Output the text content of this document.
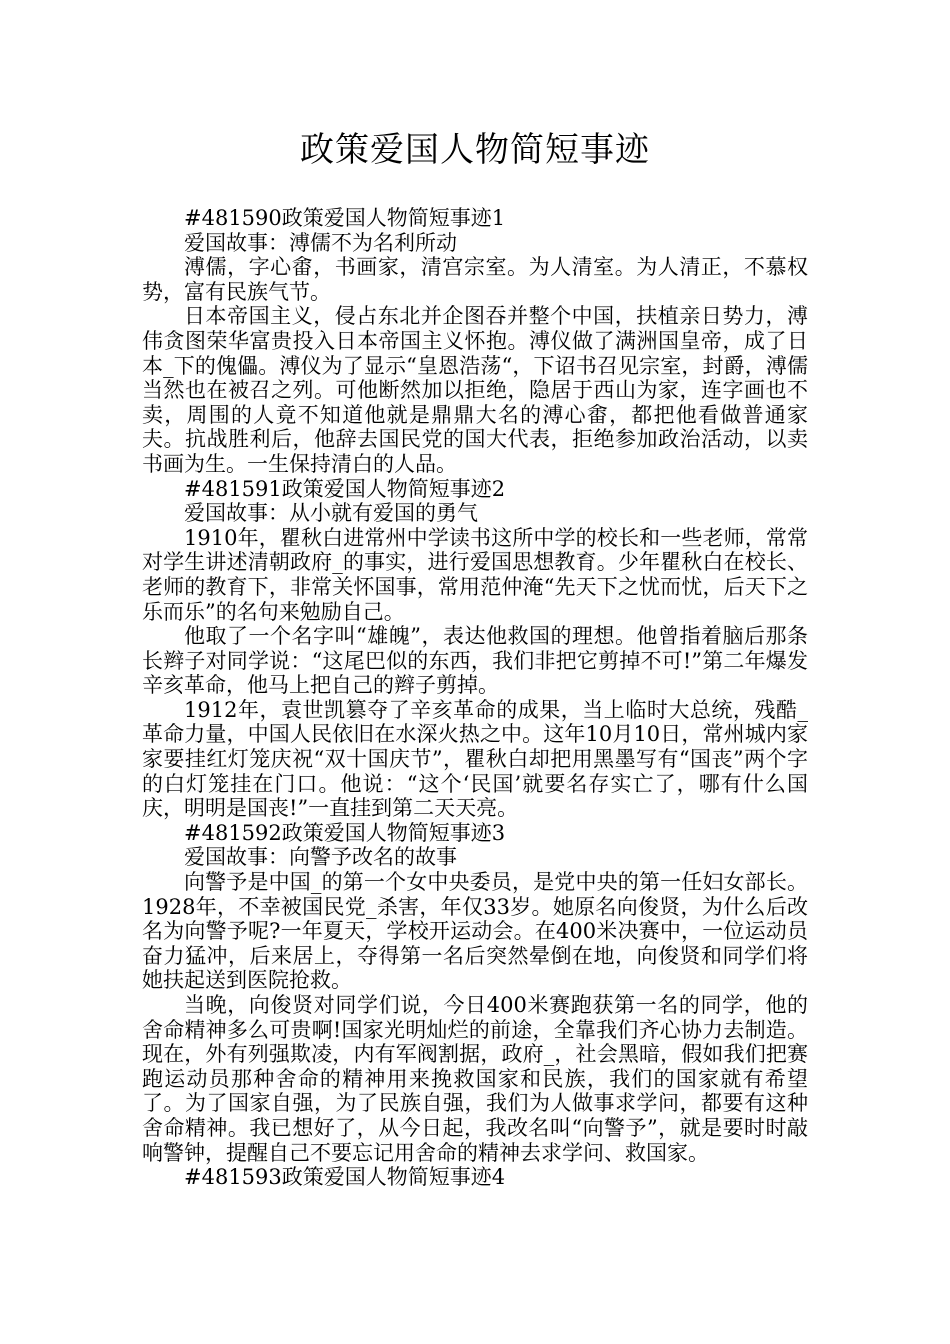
政策爱国人物简短事迹

#481590政策爱国人物简短事迹1

爱国故事：溥儒不为名利所动

溥儒，字心畬，书画家，清宫宗室。为人清室。为人清正，不慕权势，富有民族气节。

日本帝国主义，侵占东北并企图吞并整个中国，扶植亲日势力，溥伟贪图荣华富贵投入日本帝国主义怀抱。溥仪做了满洲国皇帝，成了日本_下的傀儡。溥仪为了显示“皇恩浩荡“，下诏书召见宗室，封爵，溥儒当然也在被召之列。可他断然加以拒绝，隐居于西山为家，连字画也不卖，周围的人竟不知道他就是鼎鼎大名的溥心畬，都把他看做普通家夫。抗战胜利后，他辞去国民党的国大代表，拒绝参加政治活动，以卖书画为生。一生保持清白的人品。

#481591政策爱国人物简短事迹2

爱国故事：从小就有爱国的勇气

1910年，瞿秋白进常州中学读书这所中学的校长和一些老师，常常对学生讲述清朝政府_的事实，进行爱国思想教育。少年瞿秋白在校长、老师的教育下，非常关怀国事，常用范仲淹“先天下之忧而忧，后天下之乐而乐”的名句来勉励自己。

他取了一个名字叫“雄魄”，表达他救国的理想。他曾指着脑后那条长辫子对同学说：“这尾巴似的东西，我们非把它剪掉不可!”第二年爆发辛亥革命，他马上把自己的辫子剪掉。

1912年，袁世凯篡夺了辛亥革命的成果，当上临时大总统，残酷_革命力量，中国人民依旧在水深火热之中。这年10月10日，常州城内家家要挂红灯笼庆祝“双十国庆节”，瞿秋白却把用黑墨写有“国丧”两个字的白灯笼挂在门口。他说：“这个‘民国’就要名存实亡了，哪有什么国庆，明明是国丧!”一直挂到第二天天亮。

#481592政策爱国人物简短事迹3

爱国故事：向警予改名的故事

向警予是中国_的第一个女中央委员，是党中央的第一任妇女部长。1928年，不幸被国民党_杀害，年仅33岁。她原名向俊贤，为什么后改名为向警予呢?一年夏天，学校开运动会。在400米决赛中，一位运动员奋力猛冲，后来居上，夺得第一名后突然晕倒在地，向俊贤和同学们将她扶起送到医院抢救。

当晚，向俊贤对同学们说，今日400米赛跑获第一名的同学，他的舍命精神多么可贵啊!国家光明灿烂的前途，全靠我们齐心协力去制造。现在，外有列强欺凌，内有军阀割据，政府_，社会黑暗，假如我们把赛跑运动员那种舍命的精神用来挽救国家和民族，我们的国家就有希望了。为了国家自强，为了民族自强，我们为人做事求学问，都要有这种舍命精神。我已想好了，从今日起，我改名叫“向警予”，就是要时时敲响警钟，提醒自己不要忘记用舍命的精神去求学问、救国家。

#481593政策爱国人物简短事迹4
